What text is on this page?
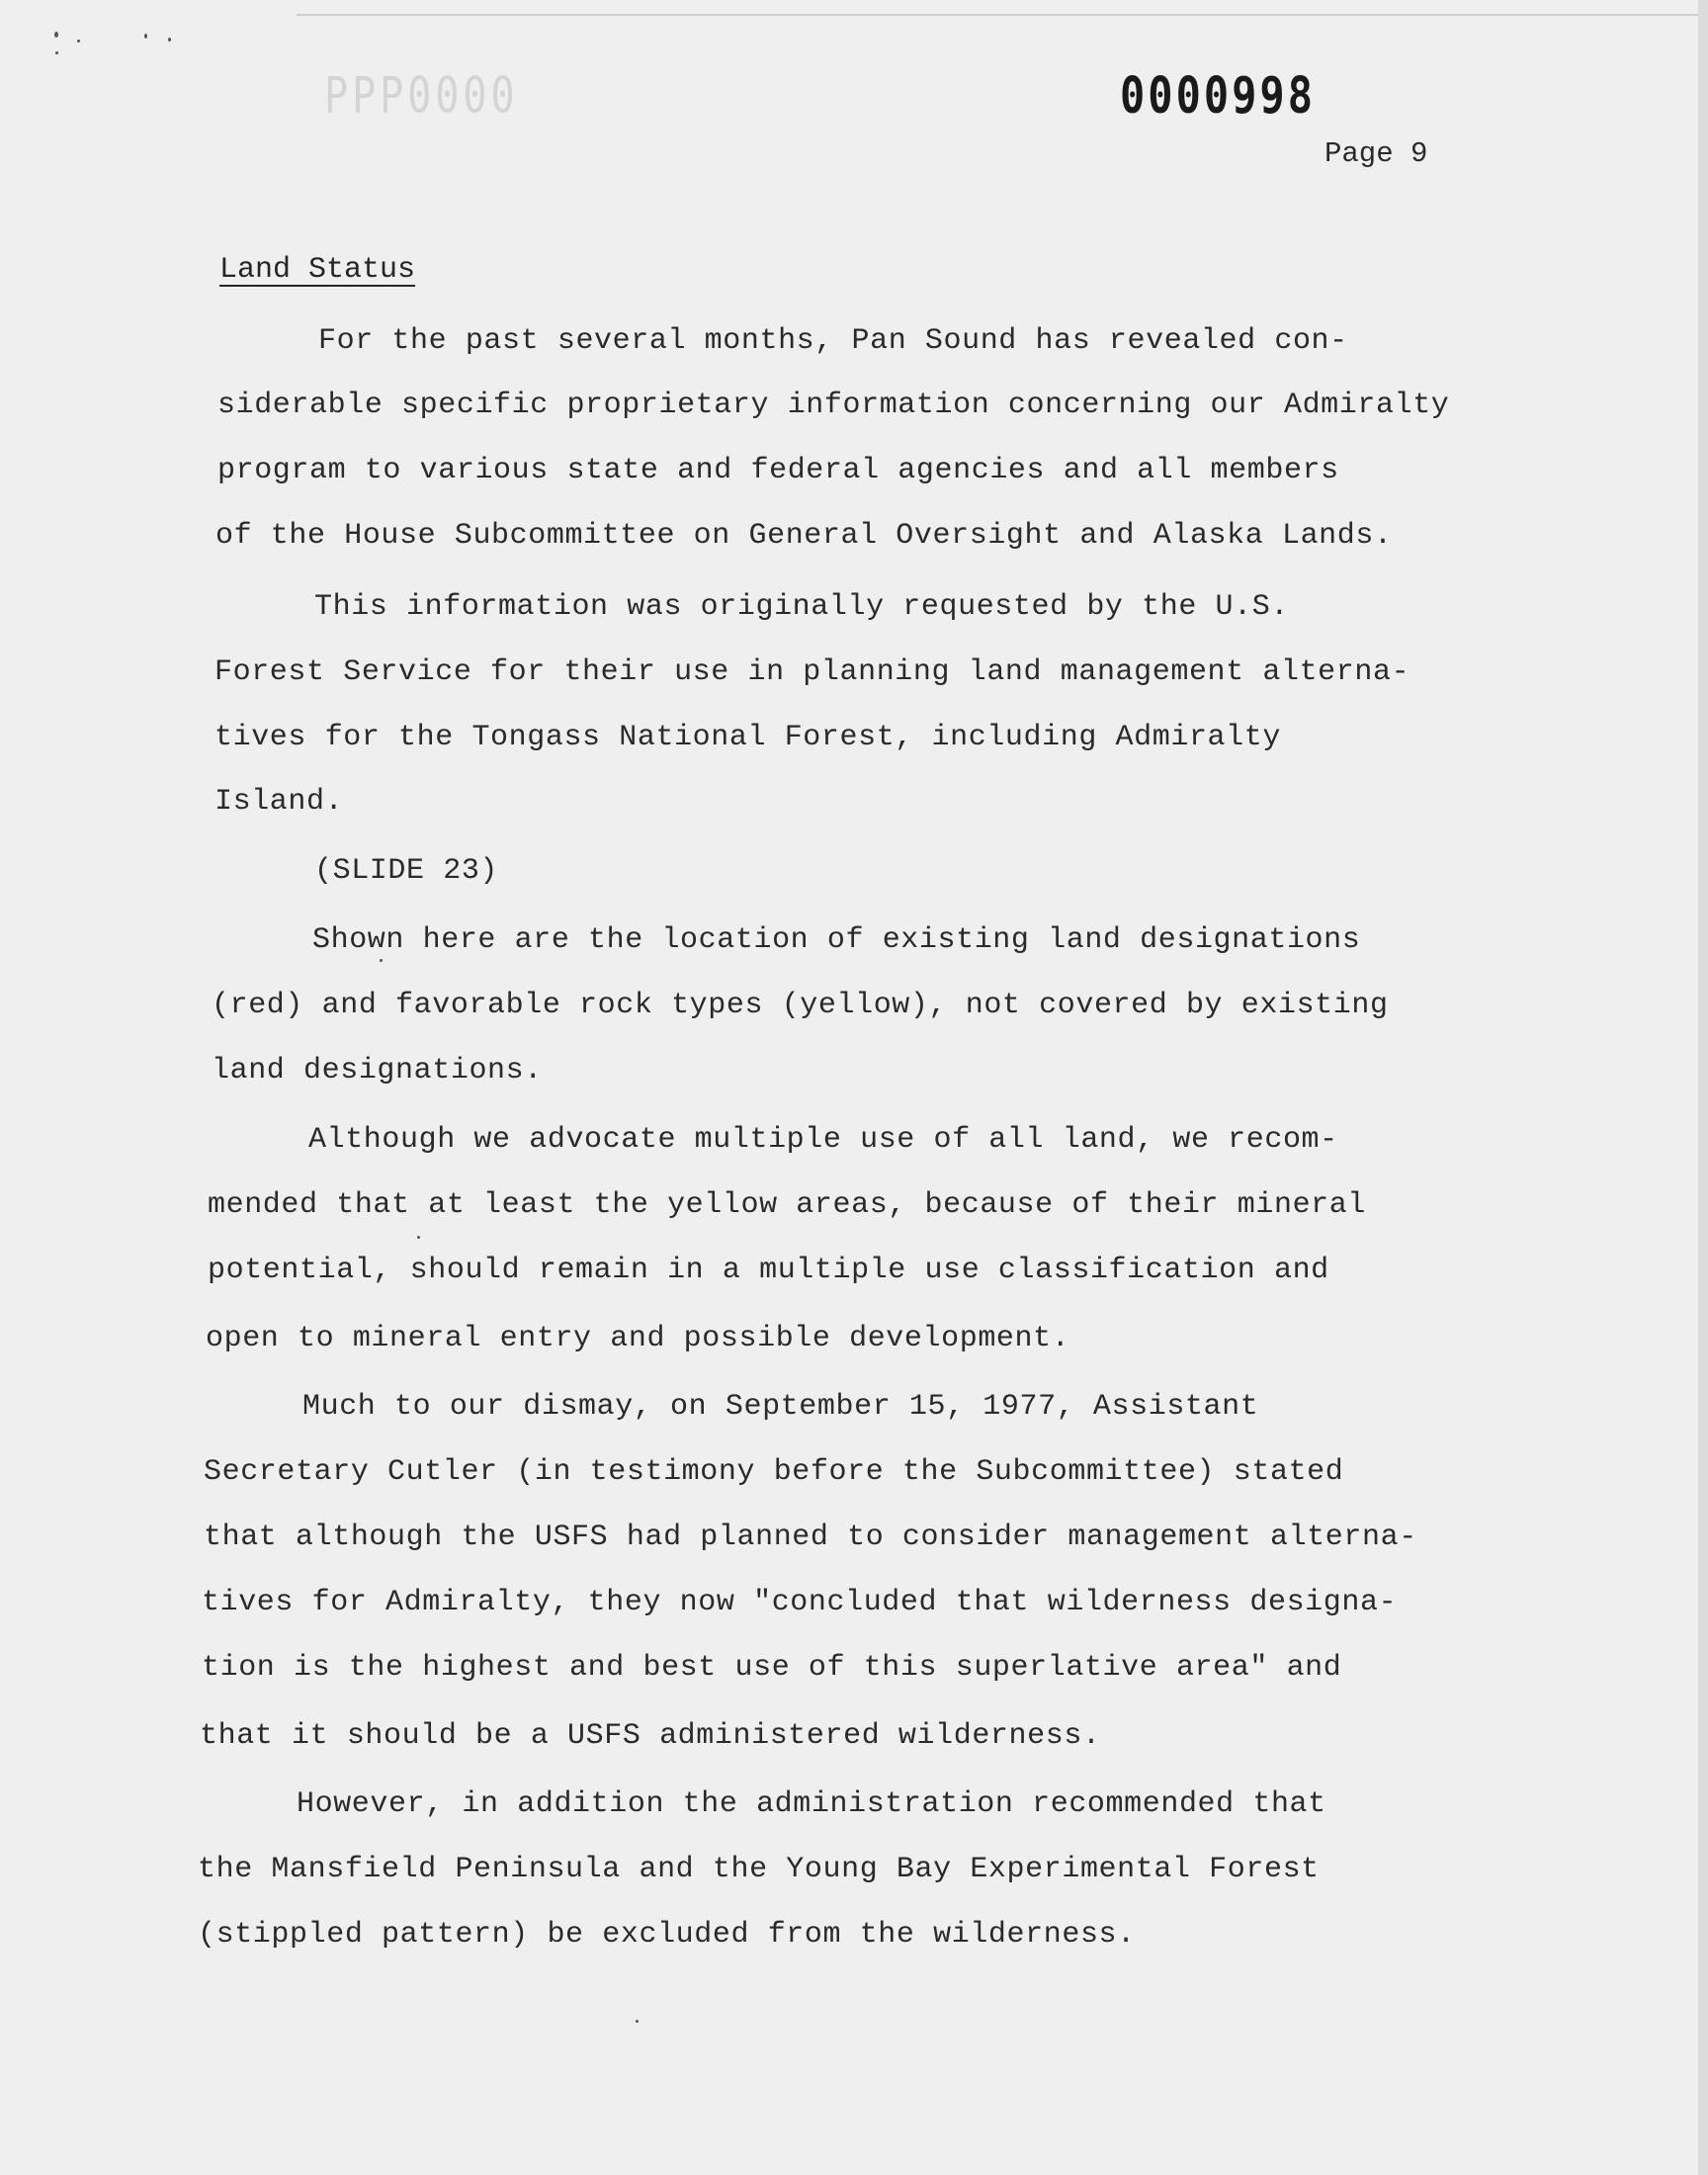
PPP0000	0000998
Page 9
Land Status
For the past several months, Pan Sound has revealed con-
siderable specific proprietary information concerning our Admiralty
program to various state and federal agencies and all members
of the House Subcommittee on General Oversight and Alaska Lands.
This information was originally requested by the U.S.
Forest Service for their use in planning land management alterna-
tives for the Tongass National Forest, including Admiralty
Island.
(SLIDE 23)
Shown here are the location of existing land designations
(red) and favorable rock types (yellow), not covered by existing
land designations.
Although we advocate multiple use of all land, we recom-
mended that at least the yellow areas, because of their mineral
potential, should remain in a multiple use classification and
open to mineral entry and possible development.
Much to our dismay, on September 15, 1977, Assistant
Secretary Cutler (in testimony before the Subcommittee) stated
that although the USFS had planned to consider management alterna-
tives for Admiralty, they now "concluded that wilderness designa-
tion is the highest and best use of this superlative area" and
that it should be a USFS administered wilderness.
However, in addition the administration recommended that
the Mansfield Peninsula and the Young Bay Experimental Forest
(stippled pattern) be excluded from the wilderness.
